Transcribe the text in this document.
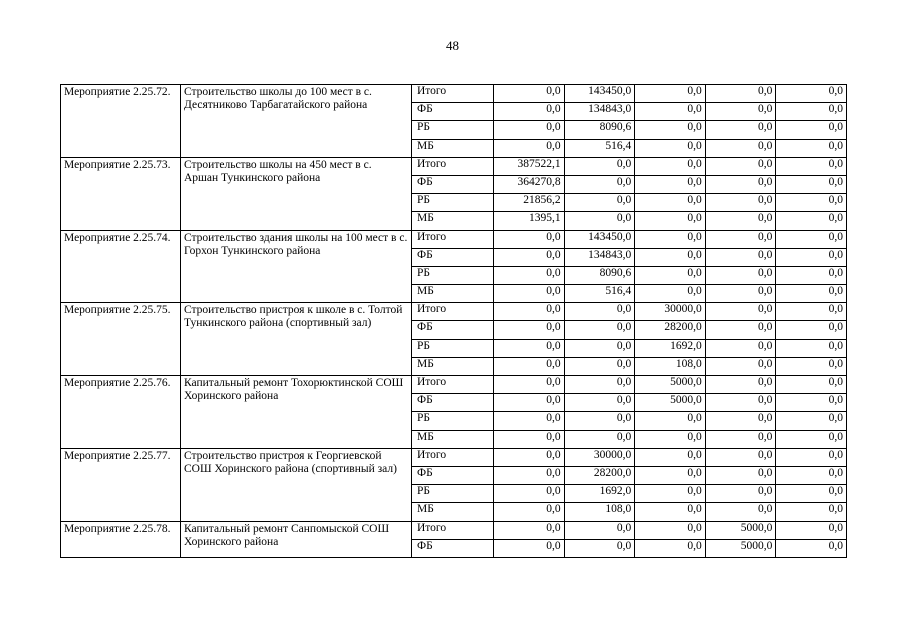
48
Мероприятие 2.25.72.	Строительство школы до 100 мест в с. Десятниково Тарбагатайского района	Итого	0,0	143450,0	0,0	0,0	0,0
		ФБ	0,0	134843,0	0,0	0,0	0,0
		РБ	0,0	8090,6	0,0	0,0	0,0
		МБ	0,0	516,4	0,0	0,0	0,0
Мероприятие 2.25.73.	Строительство школы на 450 мест в с. Аршан Тункинского района	Итого	387522,1	0,0	0,0	0,0	0,0
		ФБ	364270,8	0,0	0,0	0,0	0,0
		РБ	21856,2	0,0	0,0	0,0	0,0
		МБ	1395,1	0,0	0,0	0,0	0,0
Мероприятие 2.25.74.	Строительство здания школы на 100 мест в с. Горхон Тункинского района	Итого	0,0	143450,0	0,0	0,0	0,0
		ФБ	0,0	134843,0	0,0	0,0	0,0
		РБ	0,0	8090,6	0,0	0,0	0,0
		МБ	0,0	516,4	0,0	0,0	0,0
Мероприятие 2.25.75.	Строительство пристроя к школе в с. Толтой Тункинского района (спортивный зал)	Итого	0,0	0,0	30000,0	0,0	0,0
		ФБ	0,0	0,0	28200,0	0,0	0,0
		РБ	0,0	0,0	1692,0	0,0	0,0
		МБ	0,0	0,0	108,0	0,0	0,0
Мероприятие 2.25.76.	Капитальный ремонт Тохорюктинской СОШ Хоринского района	Итого	0,0	0,0	5000,0	0,0	0,0
		ФБ	0,0	0,0	5000,0	0,0	0,0
		РБ	0,0	0,0	0,0	0,0	0,0
		МБ	0,0	0,0	0,0	0,0	0,0
Мероприятие 2.25.77.	Строительство пристроя к Георгиевской СОШ Хоринского района (спортивный зал)	Итого	0,0	30000,0	0,0	0,0	0,0
		ФБ	0,0	28200,0	0,0	0,0	0,0
		РБ	0,0	1692,0	0,0	0,0	0,0
		МБ	0,0	108,0	0,0	0,0	0,0
Мероприятие 2.25.78.	Капитальный ремонт Санпомыской СОШ Хоринского района	Итого	0,0	0,0	0,0	5000,0	0,0
		ФБ	0,0	0,0	0,0	5000,0	0,0
